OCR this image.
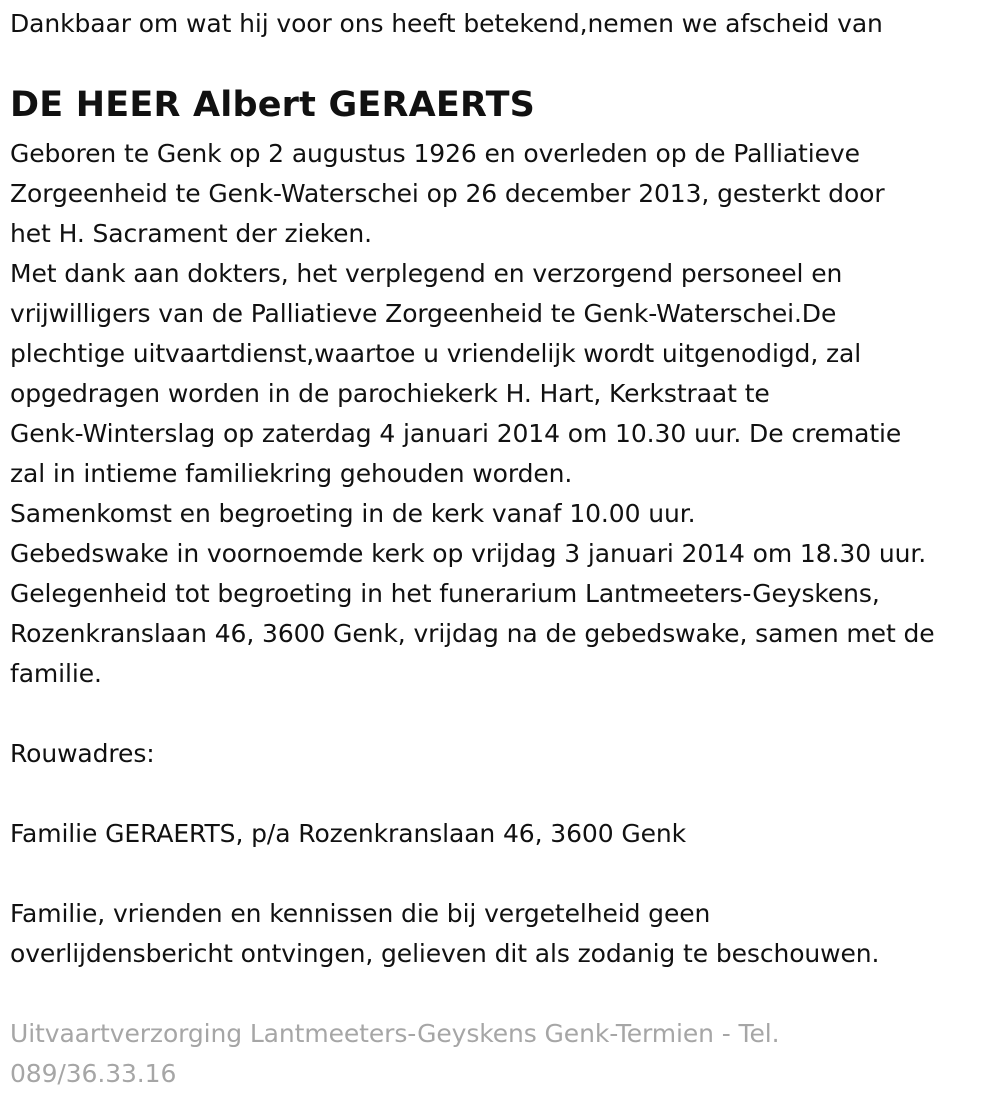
Dankbaar om wat hij voor ons heeft betekend,nemen we afscheid van
DE HEER Albert GERAERTS
Geboren te Genk op 2 augustus 1926 en overleden op de Palliatieve
Zorgeenheid te Genk-Waterschei op 26 december 2013, gesterkt door
het H. Sacrament der zieken.
Met dank aan dokters, het verplegend en verzorgend personeel en
vrijwilligers van de Palliatieve Zorgeenheid te Genk-Waterschei.De
plechtige uitvaartdienst,waartoe u vriendelijk wordt uitgenodigd, zal
opgedragen worden in de parochiekerk H. Hart, Kerkstraat te
Genk-Winterslag op zaterdag 4 januari 2014 om 10.30 uur. De crematie
zal in intieme familiekring gehouden worden.
Samenkomst en begroeting in de kerk vanaf 10.00 uur.
Gebedswake in voornoemde kerk op vrijdag 3 januari 2014 om 18.30 uur.
Gelegenheid tot begroeting in het funerarium Lantmeeters-Geyskens,
Rozenkranslaan 46, 3600 Genk, vrijdag na de gebedswake, samen met de
familie.
Rouwadres:
Familie GERAERTS, p/a Rozenkranslaan 46, 3600 Genk
Familie, vrienden en kennissen die bij vergetelheid geen
overlijdensbericht ontvingen, gelieven dit als zodanig te beschouwen.
Uitvaartverzorging Lantmeeters-Geyskens Genk-Termien - Tel.
089/36.33.16
